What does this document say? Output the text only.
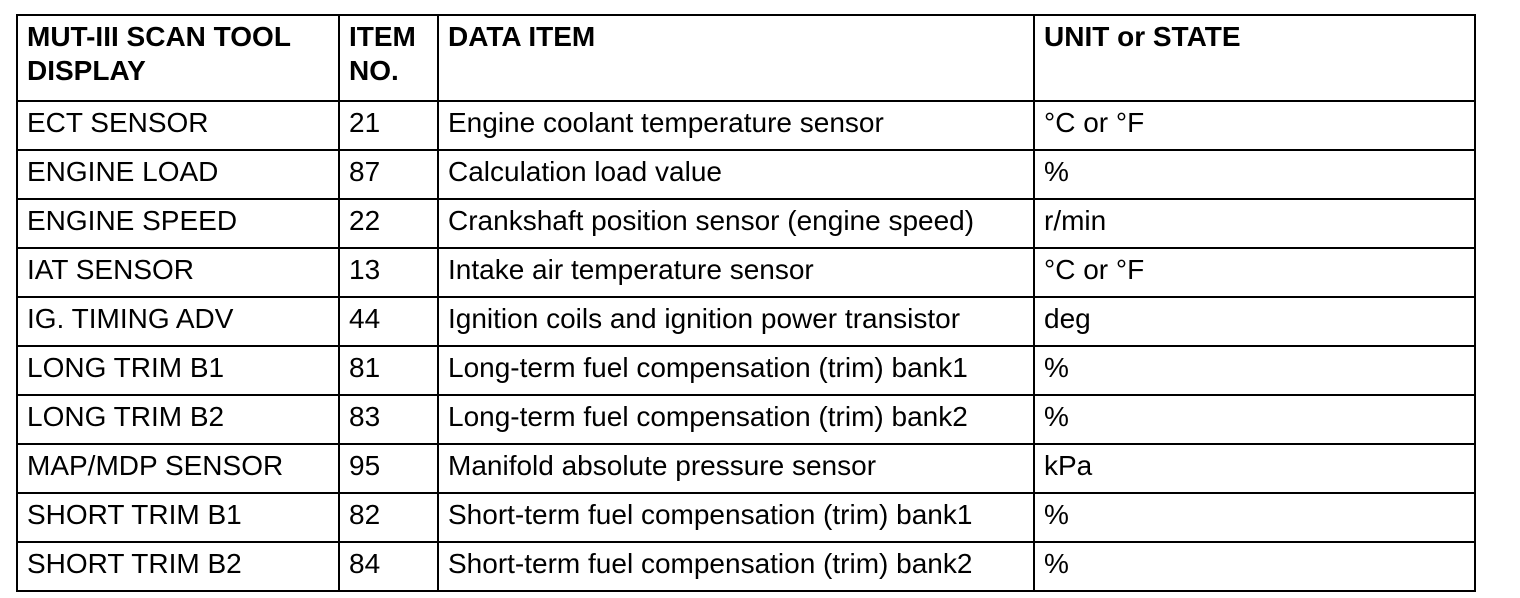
MUT-III SCAN TOOL DISPLAY	ITEM NO.	DATA ITEM	UNIT or STATE
ECT SENSOR	21	Engine coolant temperature sensor	°C or °F
ENGINE LOAD	87	Calculation load value	%
ENGINE SPEED	22	Crankshaft position sensor (engine speed)	r/min
IAT SENSOR	13	Intake air temperature sensor	°C or °F
IG. TIMING ADV	44	Ignition coils and ignition power transistor	deg
LONG TRIM B1	81	Long-term fuel compensation (trim) bank1	%
LONG TRIM B2	83	Long-term fuel compensation (trim) bank2	%
MAP/MDP SENSOR	95	Manifold absolute pressure sensor	kPa
SHORT TRIM B1	82	Short-term fuel compensation (trim) bank1	%
SHORT TRIM B2	84	Short-term fuel compensation (trim) bank2	%
